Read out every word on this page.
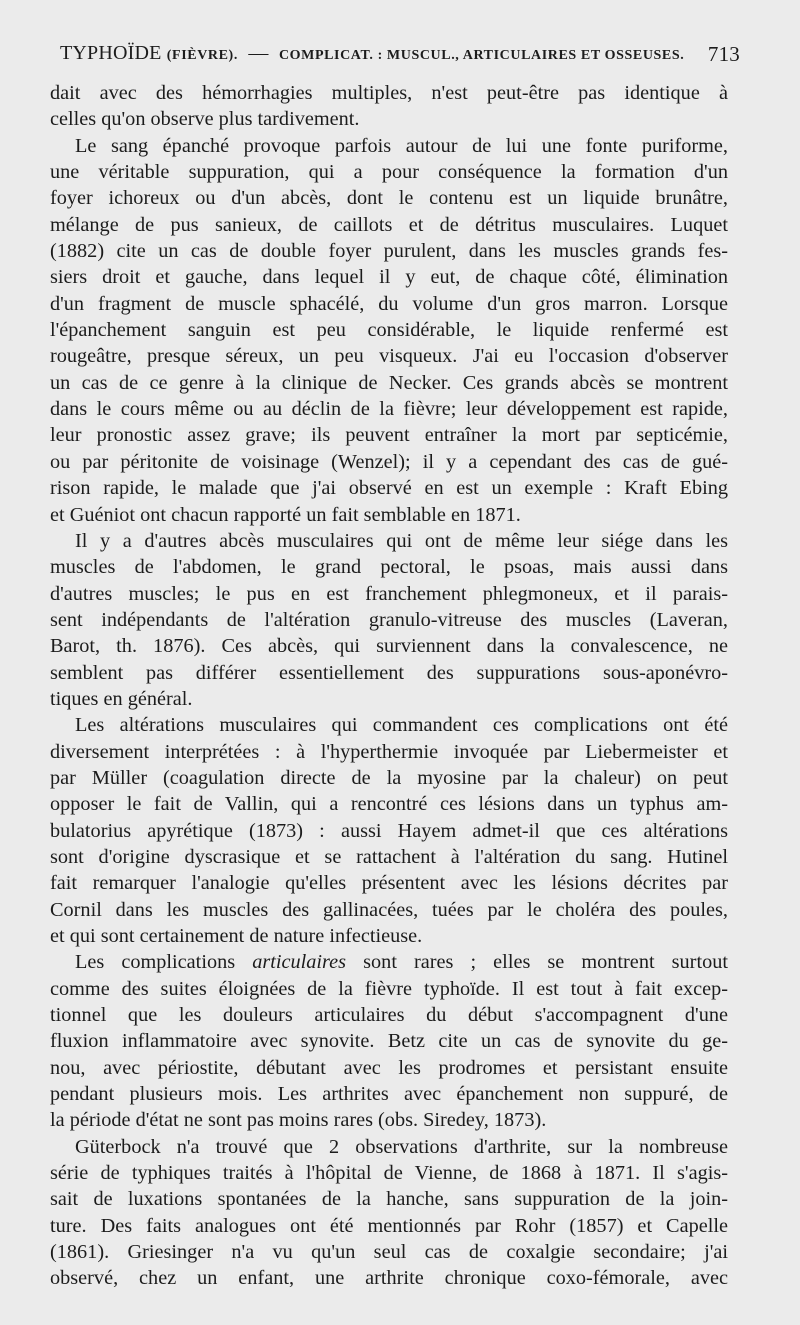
TYPHOÏDE (FIÈVRE). — COMPLICAT. : MUSCUL., ARTICULAIRES ET OSSEUSES. 713
dait avec des hémorrhagies multiples, n'est peut-être pas identique à
celles qu'on observe plus tardivement.
Le sang épanché provoque parfois autour de lui une fonte puriforme,
une véritable suppuration, qui a pour conséquence la formation d'un
foyer ichoreux ou d'un abcès, dont le contenu est un liquide brunâtre,
mélange de pus sanieux, de caillots et de détritus musculaires. Luquet
(1882) cite un cas de double foyer purulent, dans les muscles grands fes-
siers droit et gauche, dans lequel il y eut, de chaque côté, élimination
d'un fragment de muscle sphacélé, du volume d'un gros marron. Lorsque
l'épanchement sanguin est peu considérable, le liquide renfermé est
rougeâtre, presque séreux, un peu visqueux. J'ai eu l'occasion d'observer
un cas de ce genre à la clinique de Necker. Ces grands abcès se montrent
dans le cours même ou au déclin de la fièvre; leur développement est rapide,
leur pronostic assez grave; ils peuvent entraîner la mort par septicémie,
ou par péritonite de voisinage (Wenzel); il y a cependant des cas de gué-
rison rapide, le malade que j'ai observé en est un exemple : Kraft Ebing
et Guéniot ont chacun rapporté un fait semblable en 1871.
Il y a d'autres abcès musculaires qui ont de même leur siége dans les
muscles de l'abdomen, le grand pectoral, le psoas, mais aussi dans
d'autres muscles; le pus en est franchement phlegmoneux, et il parais-
sent indépendants de l'altération granulo-vitreuse des muscles (Laveran,
Barot, th. 1876). Ces abcès, qui surviennent dans la convalescence, ne
semblent pas différer essentiellement des suppurations sous-aponévro-
tiques en général.
Les altérations musculaires qui commandent ces complications ont été
diversement interprétées : à l'hyperthermie invoquée par Liebermeister et
par Müller (coagulation directe de la myosine par la chaleur) on peut
opposer le fait de Vallin, qui a rencontré ces lésions dans un typhus am-
bulatorius apyrétique (1873) : aussi Hayem admet-il que ces altérations
sont d'origine dyscrasique et se rattachent à l'altération du sang. Hutinel
fait remarquer l'analogie qu'elles présentent avec les lésions décrites par
Cornil dans les muscles des gallinacées, tuées par le choléra des poules,
et qui sont certainement de nature infectieuse.
Les complications articulaires sont rares ; elles se montrent surtout
comme des suites éloignées de la fièvre typhoïde. Il est tout à fait excep-
tionnel que les douleurs articulaires du début s'accompagnent d'une
fluxion inflammatoire avec synovite. Betz cite un cas de synovite du ge-
nou, avec périostite, débutant avec les prodromes et persistant ensuite
pendant plusieurs mois. Les arthrites avec épanchement non suppuré, de
la période d'état ne sont pas moins rares (obs. Siredey, 1873).
Güterbock n'a trouvé que 2 observations d'arthrite, sur la nombreuse
série de typhiques traités à l'hôpital de Vienne, de 1868 à 1871. Il s'agis-
sait de luxations spontanées de la hanche, sans suppuration de la join-
ture. Des faits analogues ont été mentionnés par Rohr (1857) et Capelle
(1861). Griesinger n'a vu qu'un seul cas de coxalgie secondaire; j'ai
observé, chez un enfant, une arthrite chronique coxo-fémorale, avec
